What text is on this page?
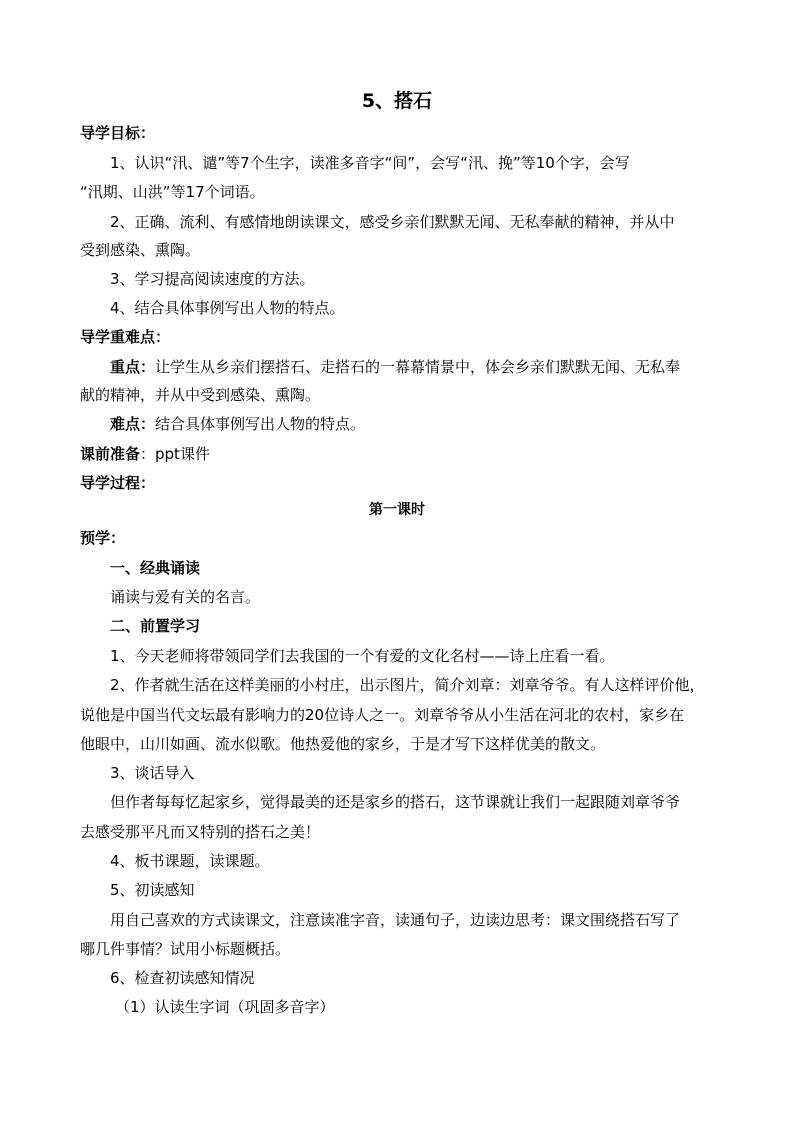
5、搭石
导学目标：
1、认识“汛、谴”等7个生字，读准多音字“间”，会写“汛、挽”等10个字，会写
“汛期、山洪”等17个词语。
2、正确、流利、有感情地朗读课文，感受乡亲们默默无闻、无私奉献的精神，并从中
受到感染、熏陶。
3、学习提高阅读速度的方法。
4、结合具体事例写出人物的特点。
导学重难点：
重点：让学生从乡亲们摆搭石、走搭石的一幕幕情景中，体会乡亲们默默无闻、无私奉
献的精神，并从中受到感染、熏陶。
难点：结合具体事例写出人物的特点。
课前准备：ppt课件
导学过程：
第一课时
预学：
一、经典诵读
诵读与爱有关的名言。
二、前置学习
1、今天老师将带领同学们去我国的一个有爱的文化名村——诗上庄看一看。
2、作者就生活在这样美丽的小村庄，出示图片，简介刘章：刘章爷爷。有人这样评价他，
说他是中国当代文坛最有影响力的20位诗人之一。刘章爷爷从小生活在河北的农村，家乡在
他眼中，山川如画、流水似歌。他热爱他的家乡，于是才写下这样优美的散文。
3、谈话导入
但作者每每忆起家乡，觉得最美的还是家乡的搭石，这节课就让我们一起跟随刘章爷爷
去感受那平凡而又特别的搭石之美！
4、板书课题，读课题。
5、初读感知
用自己喜欢的方式读课文，注意读准字音，读通句子，边读边思考：课文围绕搭石写了
哪几件事情？试用小标题概括。
6、检查初读感知情况
（1）认读生字词（巩固多音字）
